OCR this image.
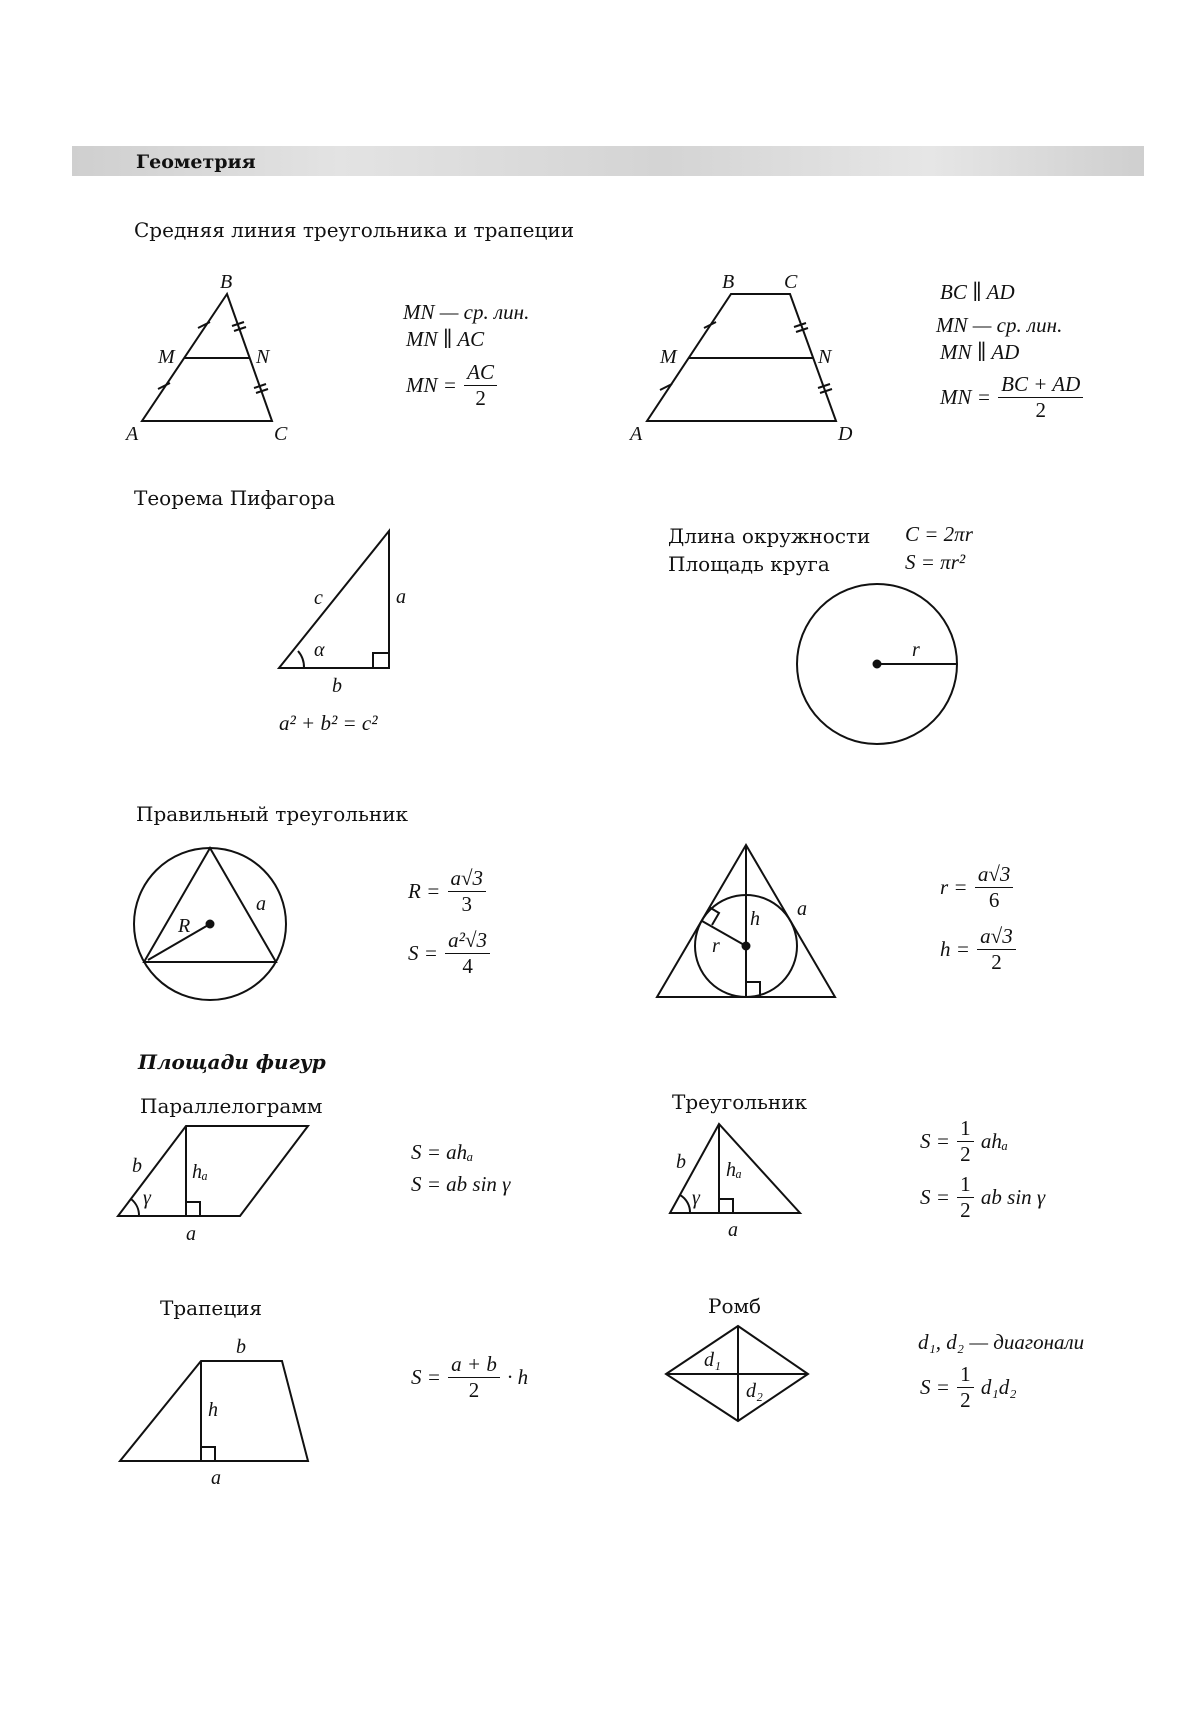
Геометрия
Средняя линия треугольника и трапеции
Теорема Пифагора
Правильный треугольник
Площади фигур
Параллелограмм	Треугольник
Трапеция	Ромб
B
M	N
A	C
B C
M	N
A	D
c	a
α
b
r
R
a
h
r
a
b	hₐ
γ
a
b hₐ
γ
a
b
h
a
d₁
d₂
MN — ср. лин.
MN ∥ AC
MN = $\frac{AC}{2}$
BC ∥ AD
MN — ср. лин.
MN ∥ AD
MN = $\frac{BC + AD}{2}$
a² + b² = c²
Длина окружности C = 2πr
Площадь круга	S = πr²
$R = \frac{a√3}{3}$
$S = \frac{\text{a²√3}}{4}$
$r = \frac{a√3}{6}$
$h = \frac{a√3}{2}$
S = ahₐ
S = ab sin γ
$S = \frac{1}{2}$ ahₐ
$S = \frac{1}{2}$ ab sin γ
$S = \frac{a + b}{2} \cdot h$
d₁, d₂ — диагонали
$S = \frac{1}{2} d_1d_2$
